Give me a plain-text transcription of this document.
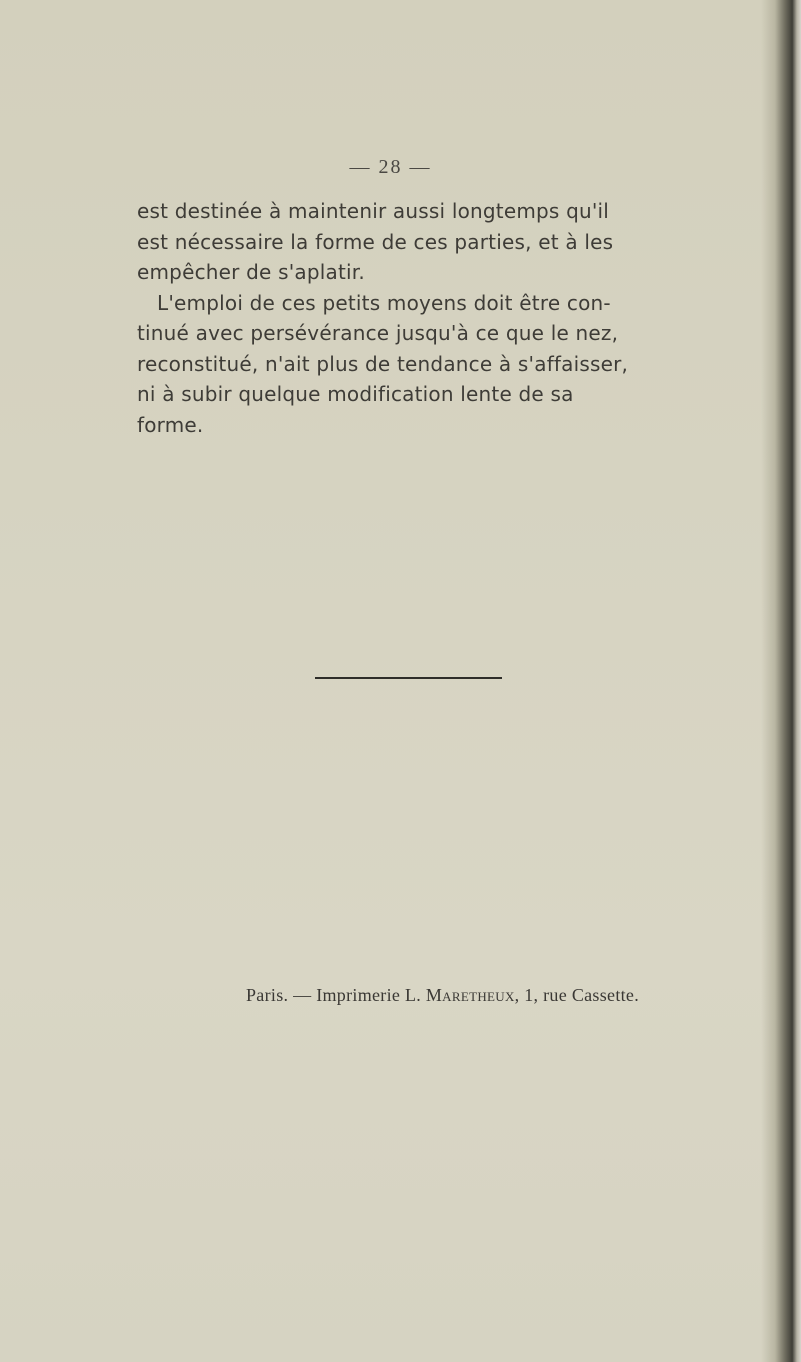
— 28 —
est destinée à maintenir aussi longtemps qu'il
est nécessaire la forme de ces parties, et à les
empêcher de s'aplatir.
L'emploi de ces petits moyens doit être con-
tinué avec persévérance jusqu'à ce que le nez,
reconstitué, n'ait plus de tendance à s'affaisser,
ni à subir quelque modification lente de sa
forme.
Paris. — Imprimerie L. Maretheux, 1, rue Cassette.
